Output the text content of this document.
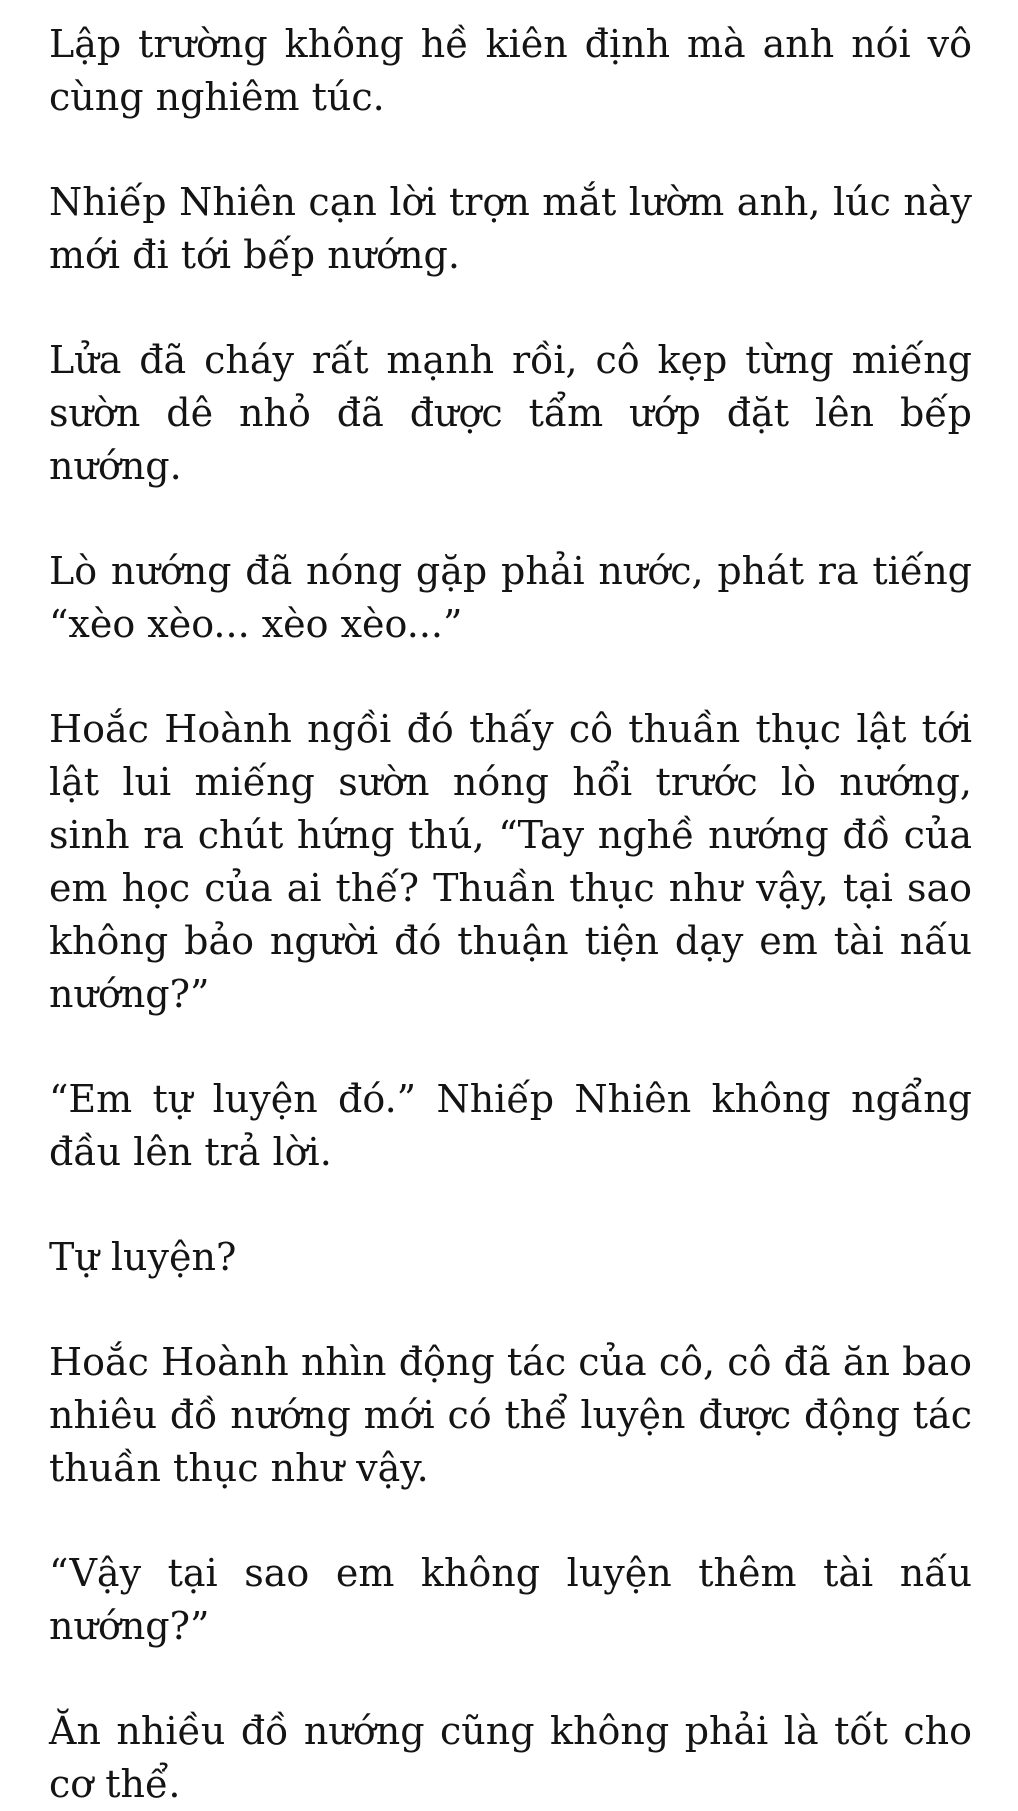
Lập trường không hề kiên định mà anh nói vô cùng nghiêm túc.

Nhiếp Nhiên cạn lời trợn mắt lườm anh, lúc này mới đi tới bếp nướng.

Lửa đã cháy rất mạnh rồi, cô kẹp từng miếng sườn dê nhỏ đã được tẩm ướp đặt lên bếp nướng.

Lò nướng đã nóng gặp phải nước, phát ra tiếng “xèo xèo... xèo xèo...”

Hoắc Hoành ngồi đó thấy cô thuần thục lật tới lật lui miếng sườn nóng hổi trước lò nướng, sinh ra chút hứng thú, “Tay nghề nướng đồ của em học của ai thế? Thuần thục như vậy, tại sao không bảo người đó thuận tiện dạy em tài nấu nướng?”

“Em tự luyện đó.” Nhiếp Nhiên không ngẩng đầu lên trả lời.

Tự luyện?

Hoắc Hoành nhìn động tác của cô, cô đã ăn bao nhiêu đồ nướng mới có thể luyện được động tác thuần thục như vậy.

“Vậy tại sao em không luyện thêm tài nấu nướng?”

Ăn nhiều đồ nướng cũng không phải là tốt cho cơ thể.
